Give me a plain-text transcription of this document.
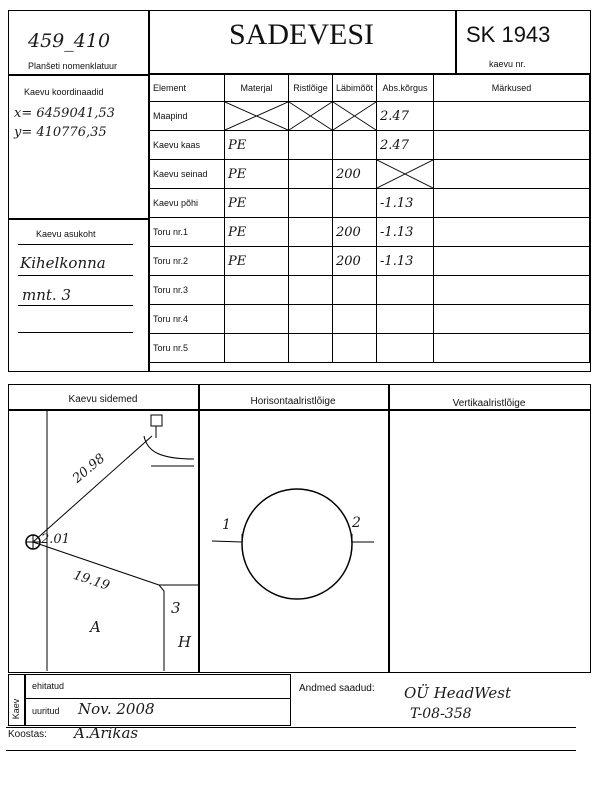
459_410
Planšeti nomenklatuur
SADEVESI	SK 1943
kaevu nr.
Kaevu koordinaadid
x= 6459041,53
y= 410776,35
Kaevu asukoht
Kihelkonna
mnt. 3
Element	Materjal	Ristlõige	Läbimõõt	Abs.kõrgus	Märkused
Maapind				2.47	
Kaevu kaas	PE			2.47	
Kaevu seinad	PE		200	

Kaevu põhi	PE			-1.13	
Toru nr.1	PE		200	-1.13	
Toru nr.2	PE		200	-1.13	
Toru nr.3					
Toru nr.4					
Toru nr.5					
Kaevu sidemed	Horisontaalristlõige	Vertikaalristlõige
20.98
2.01
19.19
A
3
H
1	2
Kaev
ehitatud
uuritud Nov. 2008
Andmed saadud: OÜ HeadWest
T-08-358
Koostas: A.Arikas
